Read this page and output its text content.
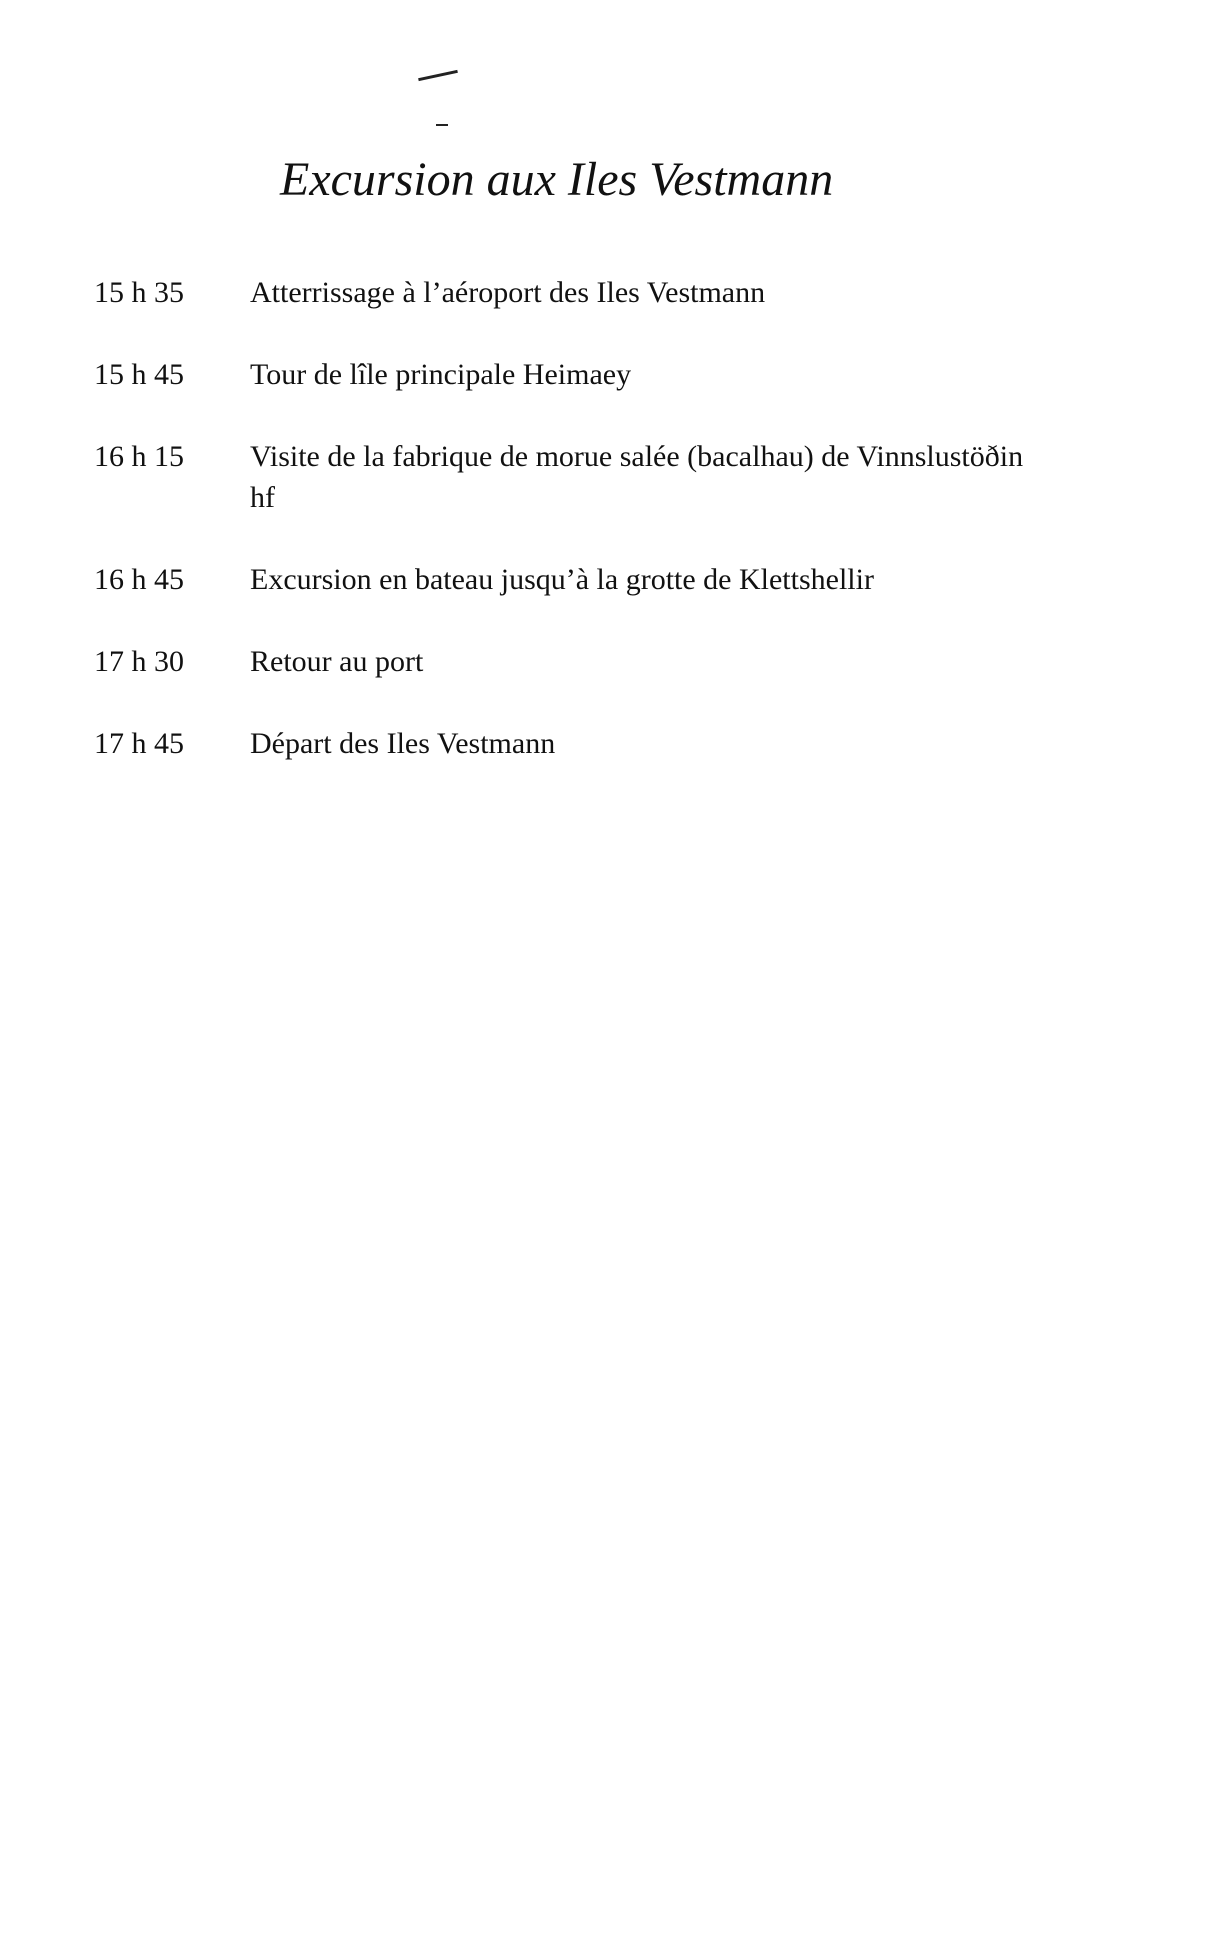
Excursion aux Iles Vestmann
15 h 35	Atterrissage à l’aéroport des Iles Vestmann
15 h 45	Tour de lîle principale Heimaey
16 h 15	Visite de la fabrique de morue salée (bacalhau) de Vinnslustöðin hf
16 h 45	Excursion en bateau jusqu’à la grotte de Klettshellir
17 h 30	Retour au port
17 h 45	Départ des Iles Vestmann
